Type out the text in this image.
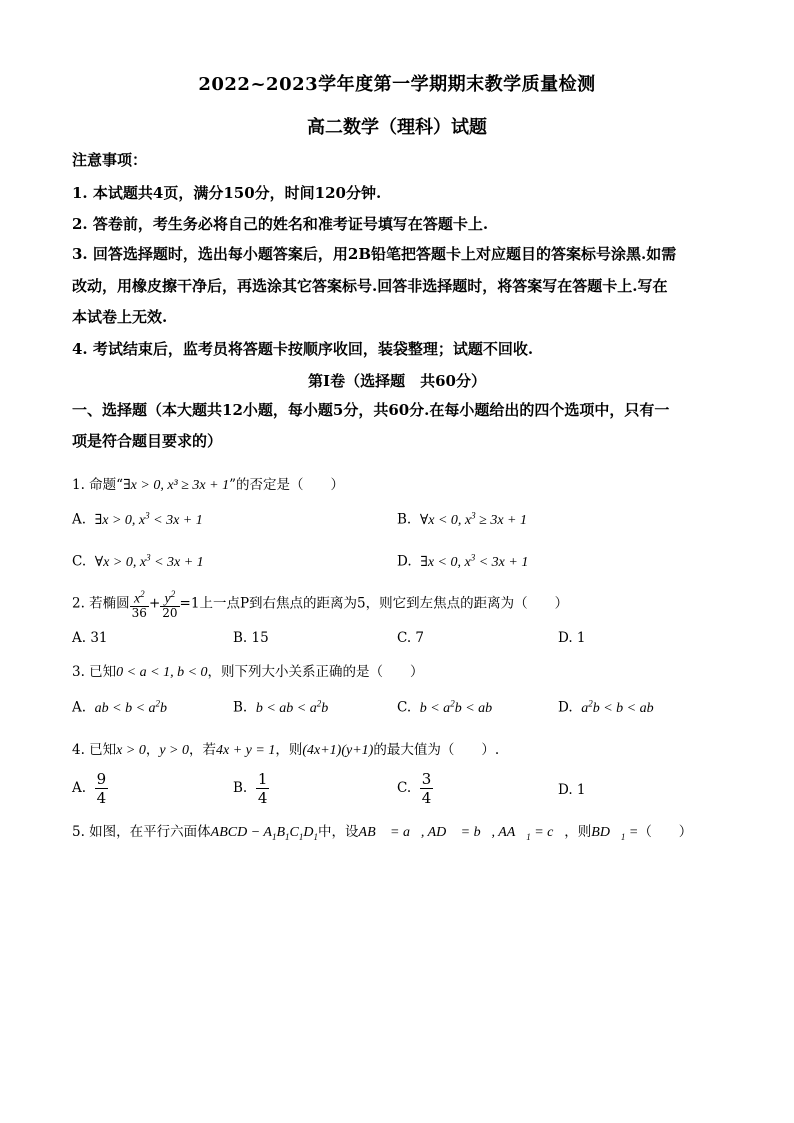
2022~2023学年度第一学期期末教学质量检测
高二数学（理科）试题
注意事项：
1. 本试题共4页，满分150分，时间120分钟.
2. 答卷前，考生务必将自己的姓名和准考证号填写在答题卡上.
3. 回答选择题时，选出每小题答案后，用2B铅笔把答题卡上对应题目的答案标号涂黑.如需
改动，用橡皮擦干净后，再选涂其它答案标号.回答非选择题时，将答案写在答题卡上.写在
本试卷上无效.
4. 考试结束后，监考员将答题卡按顺序收回，装袋整理；试题不回收.
第Ⅰ卷（选择题　共60分）
一、选择题（本大题共12小题，每小题5分，共60分.在每小题给出的四个选项中，只有一
项是符合题目要求的）
1. 命题“∃x > 0, x³ ≥ 3x + 1”的否定是（　　）
A. ∃x > 0, $x^3 < 3x + 1$	B. ∀x < 0, $x^3 \ge 3x + 1$
C. ∀x > 0, $x^3 < 3x + 1$	D. ∃x < 0, $x^3 < 3x + 1$
2. 若椭圆 $\frac{x^2}{36} + \frac{y^2}{20} =1$上一点P到右焦点的距离为5，则它到左焦点的距离为（　　）
A. 31	B. 15	C. 7	D. 1
3. 已知0 < a < 1, b < 0，则下列大小关系正确的是（　　）
A. ab < $b < a^2b$	B. b < ab < $a^2b$	C. $b < a^2b$ < ab	D. $a^2b < b$ < ab
4. 已知x > 0，y > 0，若4x + y = 1，则(4x+1)(y+1)的最大值为（　　）.
A. $\frac{9}{4}$	B. $\frac{1}{4}$	C. $\frac{3}{4}$	D. 1
5. 如图，在平行六面体ABCD − $A_1B_1C_1D_1$中，设AB⃗ = a⃗, AD⃗ = b⃗, $AA⃗_1$ = c⃗，则$BD⃗_1$ =（　　）
